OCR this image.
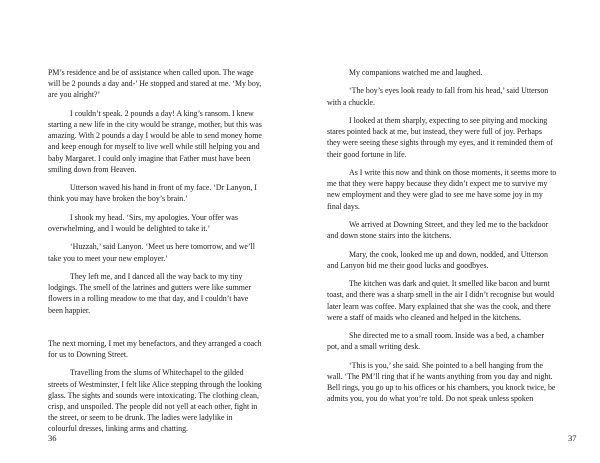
PM’s residence and be of assistance when called upon. The wage will be 2 pounds a day and-’ He stopped and stared at me. ‘My boy, are you alright?’

I couldn’t speak. 2 pounds a day! A king’s ransom. I knew starting a new life in the city would be strange, mother, but this was amazing. With 2 pounds a day I would be able to send money home and keep enough for myself to live well while still helping you and baby Margaret. I could only imagine that Father must have been smiling down from Heaven.

Utterson waved his hand in front of my face. ‘Dr Lanyon, I think you may have broken the boy’s brain.’

I shook my head. ‘Sirs, my apologies. Your offer was overwhelming, and I would be delighted to take it.’

‘Huzzah,’ said Lanyon. ‘Meet us here tomorrow, and we’ll take you to meet your new employer.’

They left me, and I danced all the way back to my tiny lodgings. The smell of the latrines and gutters were like summer flowers in a rolling meadow to me that day, and I couldn’t have been happier.

The next morning, I met my benefactors, and they arranged a coach for us to Downing Street.

Travelling from the slums of Whitechapel to the gilded streets of Westminster, I felt like Alice stepping through the looking glass. The sights and sounds were intoxicating. The clothing clean, crisp, and unspoiled. The people did not yell at each other, fight in the street, or seem to be drunk. The ladies were ladylike in colourful dresses, linking arms and chatting.

36

My companions watched me and laughed.

‘The boy’s eyes look ready to fall from his head,’ said Utterson with a chuckle.

I looked at them sharply, expecting to see pitying and mocking stares pointed back at me, but instead, they were full of joy. Perhaps they were seeing these sights through my eyes, and it reminded them of their good fortune in life.

As I write this now and think on those moments, it seems more to me that they were happy because they didn’t expect me to survive my new employment and they were glad to see me have some joy in my final days.

We arrived at Downing Street, and they led me to the backdoor and down stone stairs into the kitchens.

Mary, the cook, looked me up and down, nodded, and Utterson and Lanyon bid me their good lucks and goodbyes.

The kitchen was dark and quiet. It smelled like bacon and burnt toast, and there was a sharp smell in the air I didn’t recognise but would later learn was coffee. Mary explained that she was the cook, and there were a staff of maids who cleaned and helped in the kitchens.

She directed me to a small room. Inside was a bed, a chamber pot, and a small writing desk.

‘This is you,’ she said. She pointed to a bell hanging from the wall. ‘The PM’ll ring that if he wants anything from you day and night. Bell rings, you go up to his offices or his chambers, you knock twice, be admits you, you do what you’re told. Do not speak unless spoken

37
